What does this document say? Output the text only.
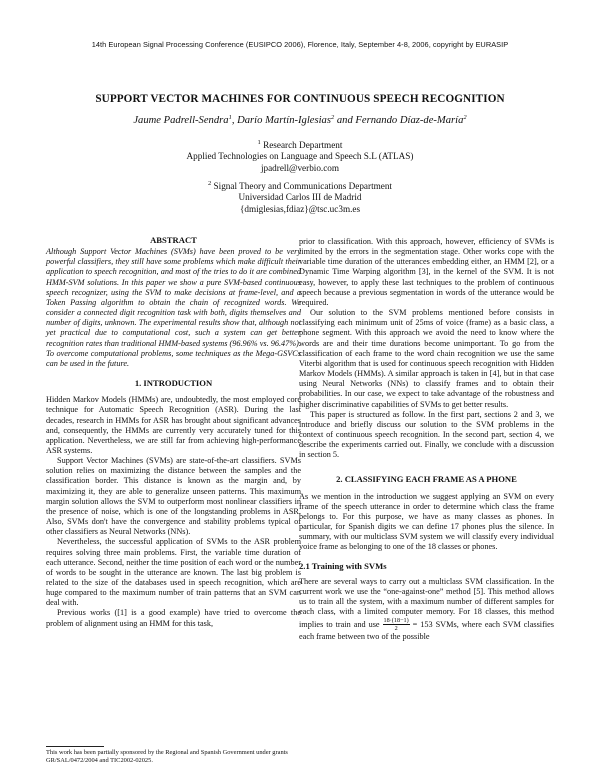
14th European Signal Processing Conference (EUSIPCO 2006), Florence, Italy, September 4-8, 2006, copyright by EURASIP
SUPPORT VECTOR MACHINES FOR CONTINUOUS SPEECH RECOGNITION
Jaume Padrell-Sendra$^1$, Darío Martín-Iglesias$^2$ and Fernando Díaz-de-María$^2$
$^1$ Research Department
Applied Technologies on Language and Speech S.L (ATLAS)
jpadrell@verbio.com
$^2$ Signal Theory and Communications Department
Universidad Carlos III de Madrid
{dmiglesias,fdiaz}@tsc.uc3m.es

ABSTRACT

Although Support Vector Machines (SVMs) have been proved to be very powerful classifiers, they still have some problems which make difficult their application to speech recognition, and most of the tries to do it are combined HMM-SVM solutions. In this paper we show a pure SVM-based continuous speech recognizer, using the SVM to make decisions at frame-level, and a Token Passing algorithm to obtain the chain of recognized words. We consider a connected digit recognition task with both, digits themselves and number of digits, unknown. The experimental results show that, although not yet practical due to computational cost, such a system can get better recognition rates than traditional HMM-based systems (96.96% vs. 96.47%). To overcome computational problems, some techniques as the Mega-GSVCs can be used in the future.

1. INTRODUCTION

Hidden Markov Models (HMMs) are, undoubtedly, the most employed core technique for Automatic Speech Recognition (ASR). During the last decades, research in HMMs for ASR has brought about significant advances and, consequently, the HMMs are currently very accurately tuned for this application. Nevertheless, we are still far from achieving high-performance ASR systems.

Support Vector Machines (SVMs) are state-of-the-art classifiers. SVMs solution relies on maximizing the distance between the samples and the classification border. This distance is known as the margin and, by maximizing it, they are able to generalize unseen patterns. This maximum margin solution allows the SVM to outperform most nonlinear classifiers in the presence of noise, which is one of the longstanding problems in ASR. Also, SVMs don't have the convergence and stability problems typical of other classifiers as Neural Networks (NNs).

Nevertheless, the successful application of SVMs to the ASR problem requires solving three main problems. First, the variable time duration of each utterance. Second, neither the time position of each word or the number of words to be sought in the utterance are known. The last big problem is related to the size of the databases used in speech recognition, which are huge compared to the maximum number of train patterns that an SVM can deal with.

Previous works ([1] is a good example) have tried to overcome the problem of alignment using an HMM for this task,

This work has been partially sponsored by the Regional and Spanish Government under grants GR/SAL/0472/2004 and TIC2002-02025.

prior to classification. With this approach, however, efficiency of SVMs is limited by the errors in the segmentation stage. Other works cope with the variable time duration of the utterances embedding either, an HMM [2], or a Dynamic Time Warping algorithm [3], in the kernel of the SVM. It is not easy, however, to apply these last techniques to the problem of continuous speech because a previous segmentation in words of the utterance would be required.

Our solution to the SVM problems mentioned before consists in classifying each minimum unit of 25ms of voice (frame) as a basic class, a phone segment. With this approach we avoid the need to know where the words are and their time durations become unimportant. To go from the classification of each frame to the word chain recognition we use the same Viterbi algorithm that is used for continuous speech recognition with Hidden Markov Models (HMMs). A similar approach is taken in [4], but in that case using Neural Networks (NNs) to classify frames and to obtain their probabilities. In our case, we expect to take advantage of the robustness and higher discriminative capabilities of SVMs to get better results.

This paper is structured as follow. In the first part, sections 2 and 3, we introduce and briefly discuss our solution to the SVM problems in the context of continuous speech recognition. In the second part, section 4, we describe the experiments carried out. Finally, we conclude with a discussion in section 5.

2. CLASSIFYING EACH FRAME AS A PHONE

As we mention in the introduction we suggest applying an SVM on every frame of the speech utterance in order to determine which class the frame belongs to. For this purpose, we have as many classes as phones. In particular, for Spanish digits we can define 17 phones plus the silence. In summary, with our multiclass SVM system we will classify every individual voice frame as belonging to one of the 18 classes or phones.

2.1 Training with SVMs

There are several ways to carry out a multiclass SVM classification. In the current work we use the “one-against-one” method [5]. This method allows us to train all the system, with a maximum number of different samples for each class, with a limited computer memory. For 18 classes, this method implies to train and use $\frac{18\cdot(18-1)}{2} = 153$ SVMs, where each SVM classifies each frame between two of the possible
